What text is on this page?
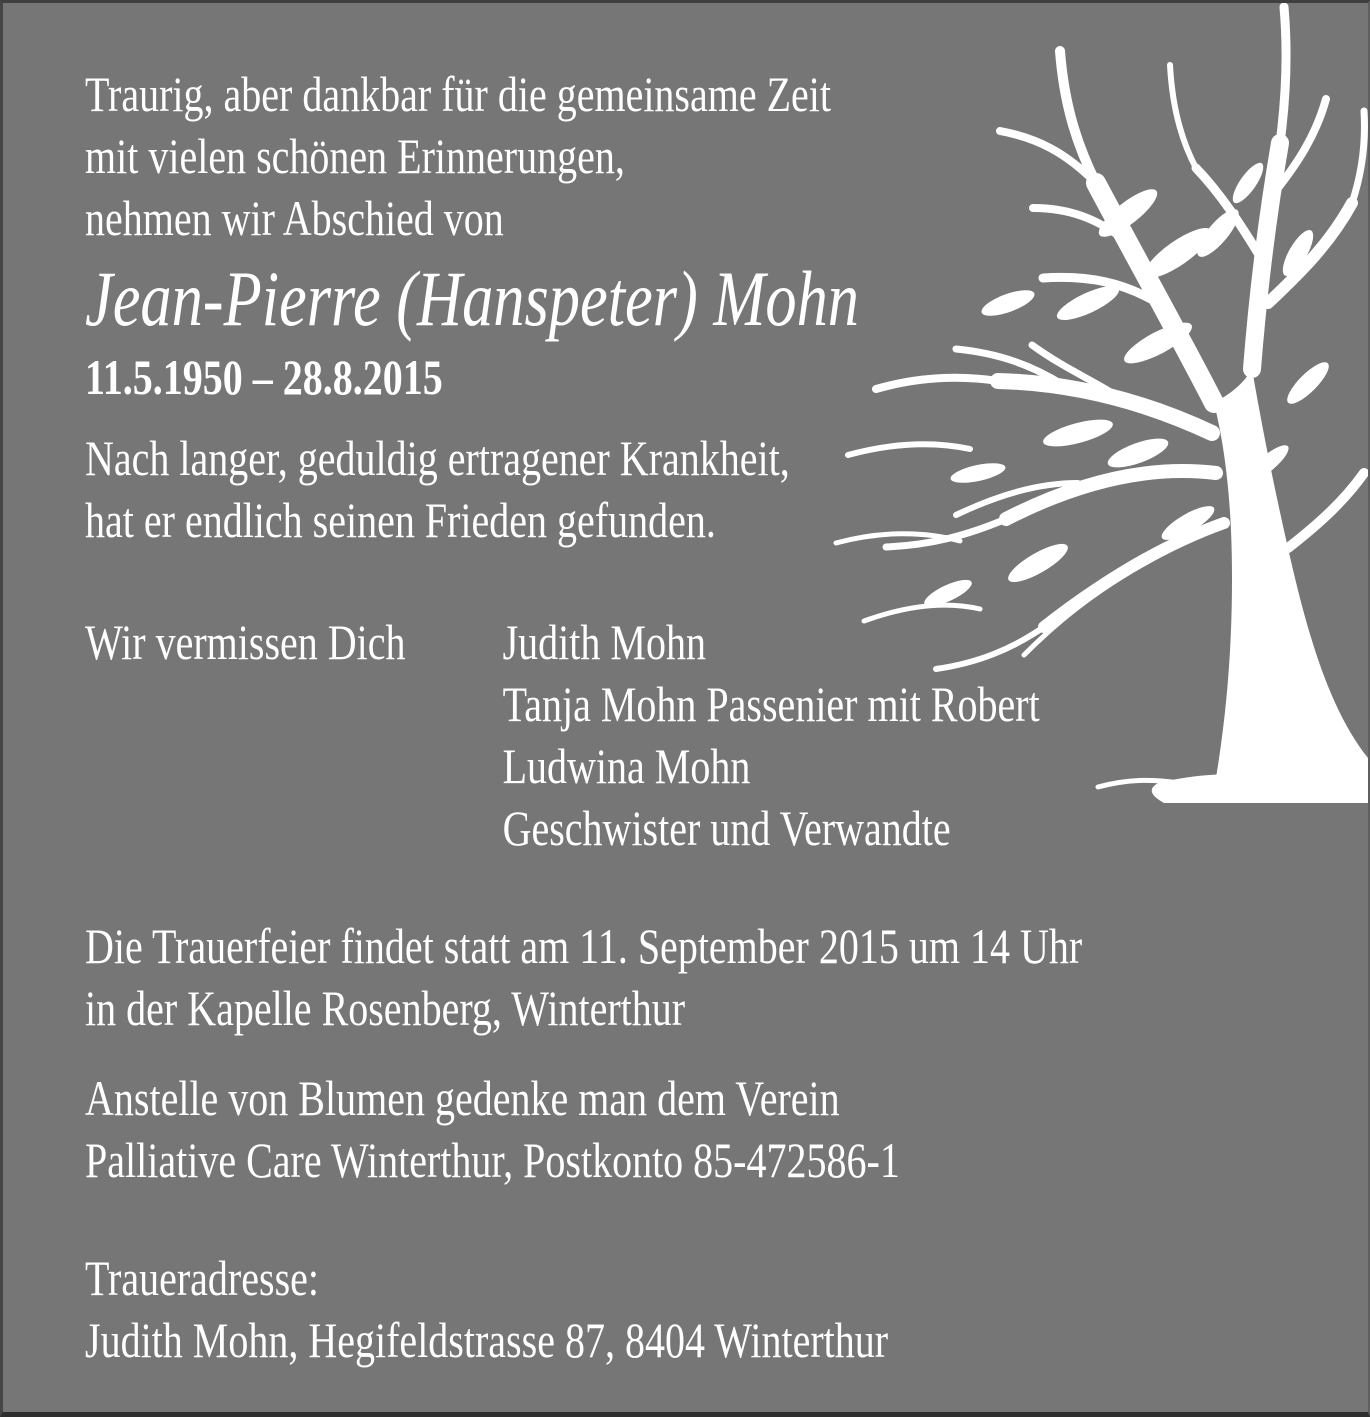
Traurig, aber dankbar für die gemeinsame Zeit
mit vielen schönen Erinnerungen,
nehmen wir Abschied von
Jean-Pierre (Hanspeter) Mohn
11.5.1950 – 28.8.2015
Nach langer, geduldig ertragener Krankheit,
hat er endlich seinen Frieden gefunden.
Wir vermissen Dich	Judith Mohn
Tanja Mohn Passenier mit Robert
Ludwina Mohn
Geschwister und Verwandte
Die Trauerfeier findet statt am 11. September 2015 um 14 Uhr
in der Kapelle Rosenberg, Winterthur
Anstelle von Blumen gedenke man dem Verein
Palliative Care Winterthur, Postkonto 85-472586-1
Traueradresse:
Judith Mohn, Hegifeldstrasse 87, 8404 Winterthur
